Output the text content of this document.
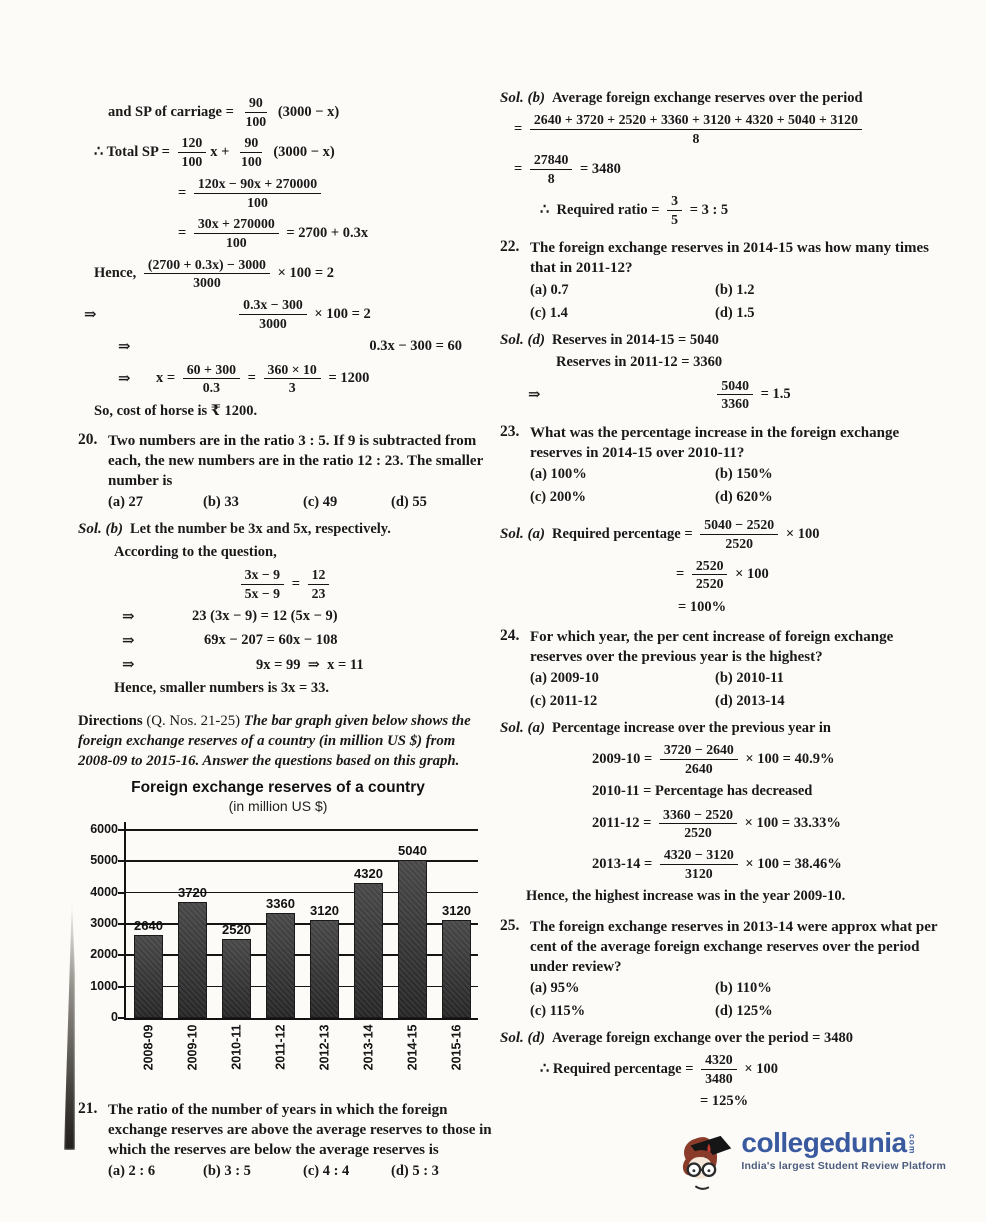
and SP of carriage = $\frac{90}{100} (3000 - x)$
∴ Total SP = $\frac{120}{100}$ $x + \frac{90}{100} (3000 - x)$
= $\frac{120x - 90x + 270000}{100}$
= $\frac{30x + 270000}{100} = 2700 + 0.3x$
Hence, $\frac{(2700 + 0.3x) - 3000}{3000} \times 100 = 2$
⇒	$\frac{0.3x - 300}{3000} \times 100 = 2$
⇒	0.3x − 300 = 60
⇒	$x = \frac{60 + 300}{0.3} = \frac{360 \times 10}{3} = 1200$
So, cost of horse is ₹ 1200.
20. Two numbers are in the ratio 3 : 5. If 9 is subtracted from each, the new numbers are in the ratio 12 : 23. The smaller number is
(a) 27	(b) 33	(c) 49	(d) 55
Sol. (b) Let the number be 3x and 5x, respectively.
According to the question,
$\frac{3x - 9}{5x - 9} = \frac{12}{23}$
⇒	23 (3x − 9) = 12 (5x − 9)
⇒	69x − 207 = 60x − 108
⇒	9x = 99  ⇒  x = 11
Hence, smaller numbers is 3x = 33.

Directions (Q. Nos. 21-25) The bar graph given below shows the foreign exchange reserves of a country (in million US $) from 2008-09 to 2015-16. Answer the questions based on this graph.

Foreign exchange reserves of a country
(in million US $)
0
1000
2000
3000
4000
5000
6000
2640
2008-09
3720
2009-10
2520
2010-11
3360
2011-12
3120
2012-13
4320
2013-14
5040
2014-15
3120
2015-16
21. The ratio of the number of years in which the foreign exchange reserves are above the average reserves to those in which the reserves are below the average reserves is
(a) 2 : 6	(b) 3 : 5	(c) 4 : 4	(d) 5 : 3
Sol. (b) Average foreign exchange reserves over the period
= $\frac{2640 + 3720 + 2520 + 3360 + 3120 + 4320 + 5040 + 3120}{8}$
= $\frac{27840}{8} = 3480$
∴  Required ratio = $\frac{3}{5} = 3$ : 5
22. The foreign exchange reserves in 2014-15 was how many times that in 2011-12?
(a) 0.7	(b) 1.2
(c) 1.4	(d) 1.5
Sol. (d) Reserves in 2014-15 = 5040
Reserves in 2011-12 = 3360
⇒	$\frac{5040}{3360} = 1.5$
23. What was the percentage increase in the foreign exchange reserves in 2014-15 over 2010-11?
(a) 100%	(b) 150%
(c) 200%	(d) 620%
Sol. (a) Required percentage = $\frac{5040 - 2520}{2520} \times 100$
= $\frac{2520}{2520} \times 100$
= 100%
24. For which year, the per cent increase of foreign exchange reserves over the previous year is the highest?
(a) 2009-10	(b) 2010-11
(c) 2011-12	(d) 2013-14
Sol. (a) Percentage increase over the previous year in
$2009-10 = \frac{3720 - 2640}{2640} \times 100 = 40.9\%$
2010-11 = Percentage has decreased
$2011-12 = \frac{3360 - 2520}{2520} \times 100 = 33.33\%$
$2013-14 = \frac{4320 - 3120}{3120} \times 100 = 38.46\%$
Hence, the highest increase was in the year 2009-10.
25. The foreign exchange reserves in 2013-14 were approx what per cent of the average foreign exchange reserves over the period under review?
(a) 95%	(b) 110%
(c) 115%	(d) 125%
Sol. (d) Average foreign exchange over the period = 3480
∴ Required percentage = $\frac{4320}{3480} \times 100$
= 125%
collegedunia com
India's largest Student Review Platform
